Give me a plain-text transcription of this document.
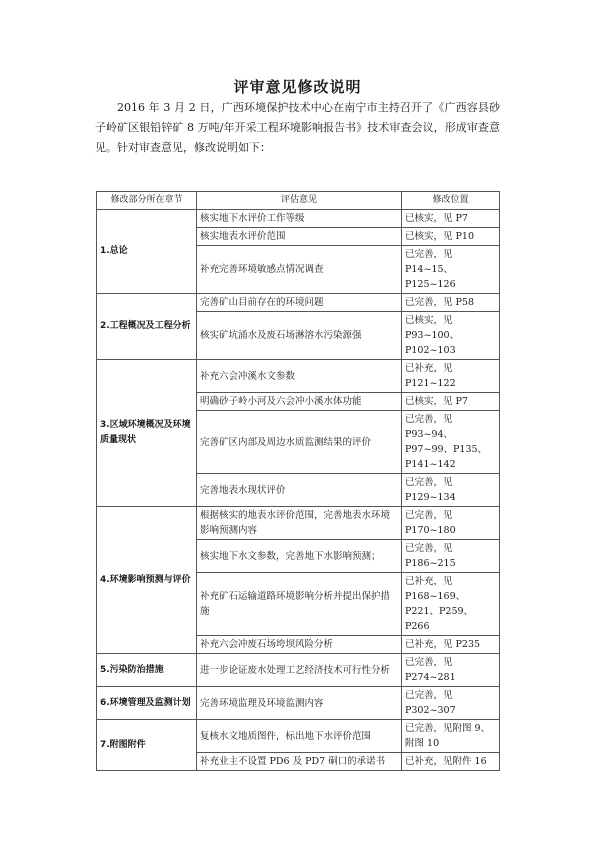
评审意见修改说明

2016 年 3 月 2 日，广西环境保护技术中心在南宁市主持召开了《广西容县砂子岭矿区银铅锌矿 8 万吨/年开采工程环境影响报告书》技术审查会议，形成审查意见。针对审查意见，修改说明如下：

修改部分所在章节	评估意见	修改位置
1.总论	核实地下水评价工作等级	已核实，见 P7
	核实地表水评价范围	已核实，见 P10
	补充完善环境敏感点情况调查	已完善，见 P14~15、P125~126
2.工程概况及工程分析	完善矿山目前存在的环境问题	已完善，见 P58
	核实矿坑涌水及废石场淋溶水污染源强	已核实，见 P93~100、P102~103
3.区域环境概况及环境质量现状	补充六会冲溪水文参数	已补充，见 P121~122
	明确砂子岭小河及六会冲小溪水体功能	已核实，见 P7
	完善矿区内部及周边水质监测结果的评价	已完善，见 P93~94、P97~99、P135、P141~142
	完善地表水现状评价	已完善，见 P129~134
4.环境影响预测与评价	根据核实的地表水评价范围，完善地表水环境影响预测内容	已完善，见 P170~180
	核实地下水文参数，完善地下水影响预测；	已完善，见 P186~215
	补充矿石运输道路环境影响分析并提出保护措施	已补充，见 P168~169、P221、P259、P266
	补充六会冲废石场垮坝风险分析	已补充，见 P235
5.污染防治措施	进一步论证废水处理工艺经济技术可行性分析	已完善，见 P274~281
6.环境管理及监测计划	完善环境监理及环境监测内容	已完善，见 P302~307
7.附图附件	复核水文地质图件，标出地下水评价范围	已完善，见附图 9、附图 10
	补充业主不设置 PD6 及 PD7 硐口的承诺书	已补充，见附件 16
